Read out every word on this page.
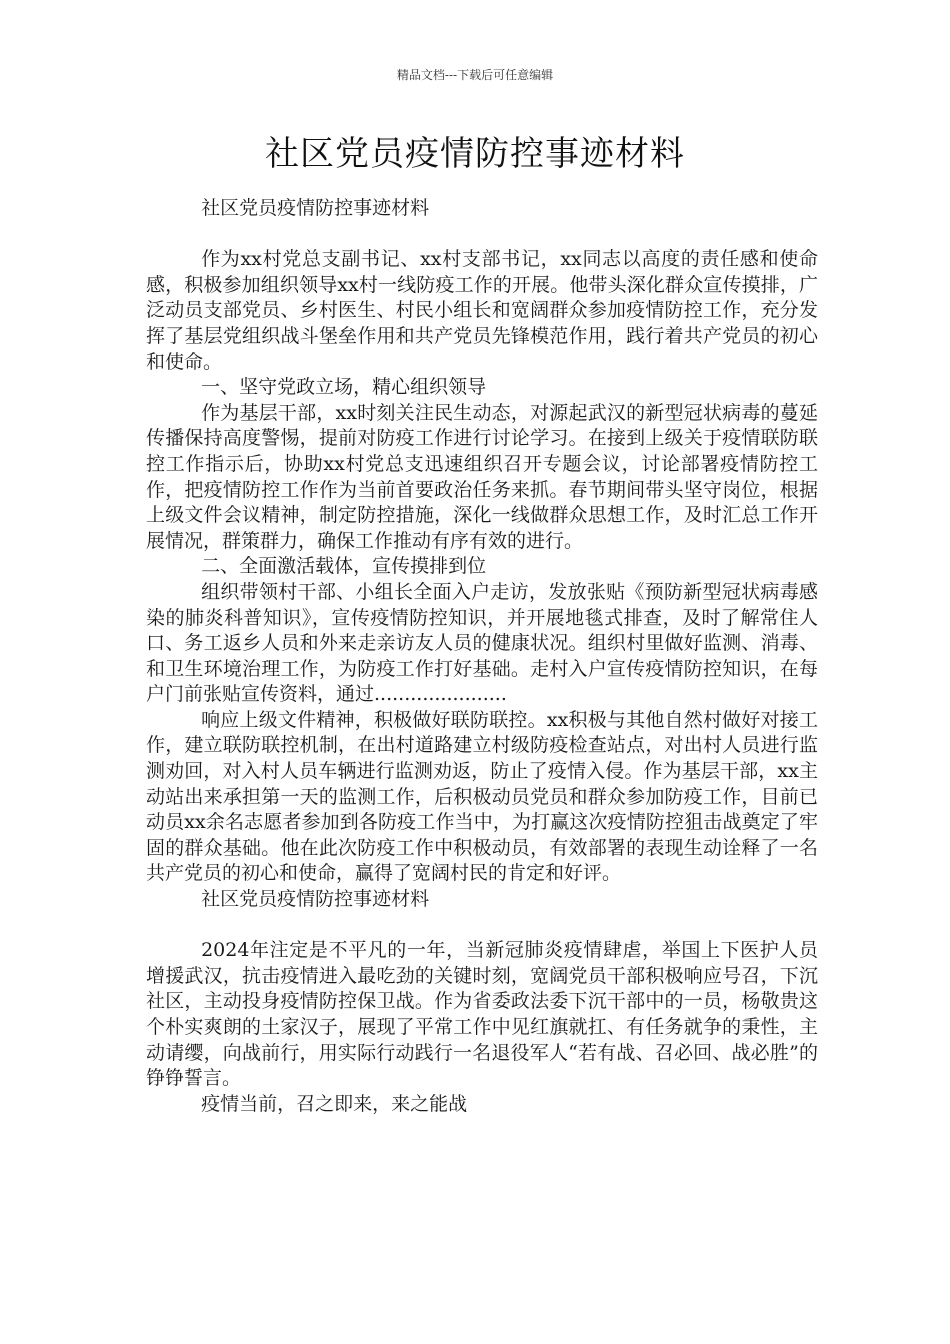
精品文档---下载后可任意编辑
社区党员疫情防控事迹材料

社区党员疫情防控事迹材料

作为xx村党总支副书记、xx村支部书记，xx同志以高度的责任感和使命感，积极参加组织领导xx村一线防疫工作的开展。他带头深化群众宣传摸排，广泛动员支部党员、乡村医生、村民小组长和宽阔群众参加疫情防控工作，充分发挥了基层党组织战斗堡垒作用和共产党员先锋模范作用，践行着共产党员的初心和使命。

一、坚守党政立场，精心组织领导

作为基层干部，xx时刻关注民生动态，对源起武汉的新型冠状病毒的蔓延传播保持高度警惕，提前对防疫工作进行讨论学习。在接到上级关于疫情联防联控工作指示后，协助xx村党总支迅速组织召开专题会议，讨论部署疫情防控工作，把疫情防控工作作为当前首要政治任务来抓。春节期间带头坚守岗位，根据上级文件会议精神，制定防控措施，深化一线做群众思想工作，及时汇总工作开展情况，群策群力，确保工作推动有序有效的进行。

二、全面激活载体，宣传摸排到位

组织带领村干部、小组长全面入户走访，发放张贴《预防新型冠状病毒感染的肺炎科普知识》，宣传疫情防控知识，并开展地毯式排查，及时了解常住人口、务工返乡人员和外来走亲访友人员的健康状况。组织村里做好监测、消毒、和卫生环境治理工作，为防疫工作打好基础。走村入户宣传疫情防控知识，在每户门前张贴宣传资料，通过......................

响应上级文件精神，积极做好联防联控。xx积极与其他自然村做好对接工作，建立联防联控机制，在出村道路建立村级防疫检查站点，对出村人员进行监测劝回，对入村人员车辆进行监测劝返，防止了疫情入侵。作为基层干部，xx主动站出来承担第一天的监测工作，后积极动员党员和群众参加防疫工作，目前已动员xx余名志愿者参加到各防疫工作当中，为打赢这次疫情防控狙击战奠定了牢固的群众基础。他在此次防疫工作中积极动员，有效部署的表现生动诠释了一名共产党员的初心和使命，赢得了宽阔村民的肯定和好评。

社区党员疫情防控事迹材料

2024年注定是不平凡的一年，当新冠肺炎疫情肆虐，举国上下医护人员增援武汉，抗击疫情进入最吃劲的关键时刻，宽阔党员干部积极响应号召，下沉社区，主动投身疫情防控保卫战。作为省委政法委下沉干部中的一员，杨敬贵这个朴实爽朗的土家汉子，展现了平常工作中见红旗就扛、有任务就争的秉性，主动请缨，向战前行，用实际行动践行一名退役军人“若有战、召必回、战必胜”的铮铮誓言。

疫情当前，召之即来，来之能战
